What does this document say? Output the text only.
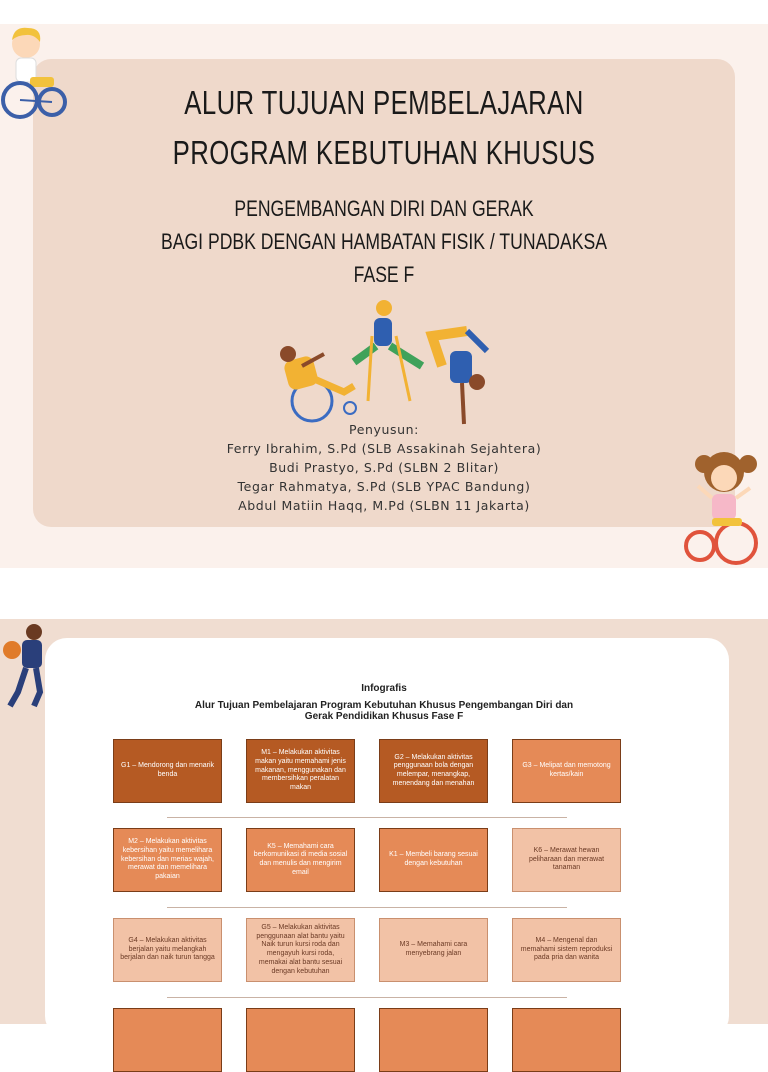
ALUR TUJUAN PEMBELAJARAN
PROGRAM KEBUTUHAN KHUSUS
PENGEMBANGAN DIRI DAN GERAK
BAGI PDBK DENGAN HAMBATAN FISIK / TUNADAKSA
FASE F
Penyusun:
Ferry Ibrahim, S.Pd (SLB Assakinah Sejahtera)
Budi Prastyo, S.Pd (SLBN 2 Blitar)
Tegar Rahmatya, S.Pd (SLB YPAC Bandung)
Abdul Matiin Haqq, M.Pd (SLBN 11 Jakarta)
Infografis
Alur Tujuan Pembelajaran Program Kebutuhan Khusus Pengembangan Diri dan
Gerak Pendidikan Khusus Fase F
G1 – Mendorong dan menarik benda
M1 – Melakukan aktivitas makan yaitu memahami jenis makanan, menggunakan dan membersihkan peralatan makan
G2 – Melakukan aktivitas penggunaan bola dengan melempar, menangkap, menendang dan menahan
G3 – Melipat dan memotong kertas/kain
M2 – Melakukan aktivitas kebersihan yaitu memelihara kebersihan dan merias wajah, merawat dan memelihara pakaian
K5 – Memahami cara berkomunikasi di media sosial dan menulis dan mengirim email
K1 – Membeli barang sesuai dengan kebutuhan
K6 – Merawat hewan peliharaan dan merawat tanaman
G4 – Melakukan aktivitas berjalan yaitu melangkah berjalan dan naik turun tangga
G5 – Melakukan aktivitas penggunaan alat bantu yaitu Naik turun kursi roda dan mengayuh kursi roda, memakai alat bantu sesuai dengan kebutuhan
M3 – Memahami cara menyebrang jalan
M4 – Mengenal dan memahami sistem reproduksi pada pria dan wanita
